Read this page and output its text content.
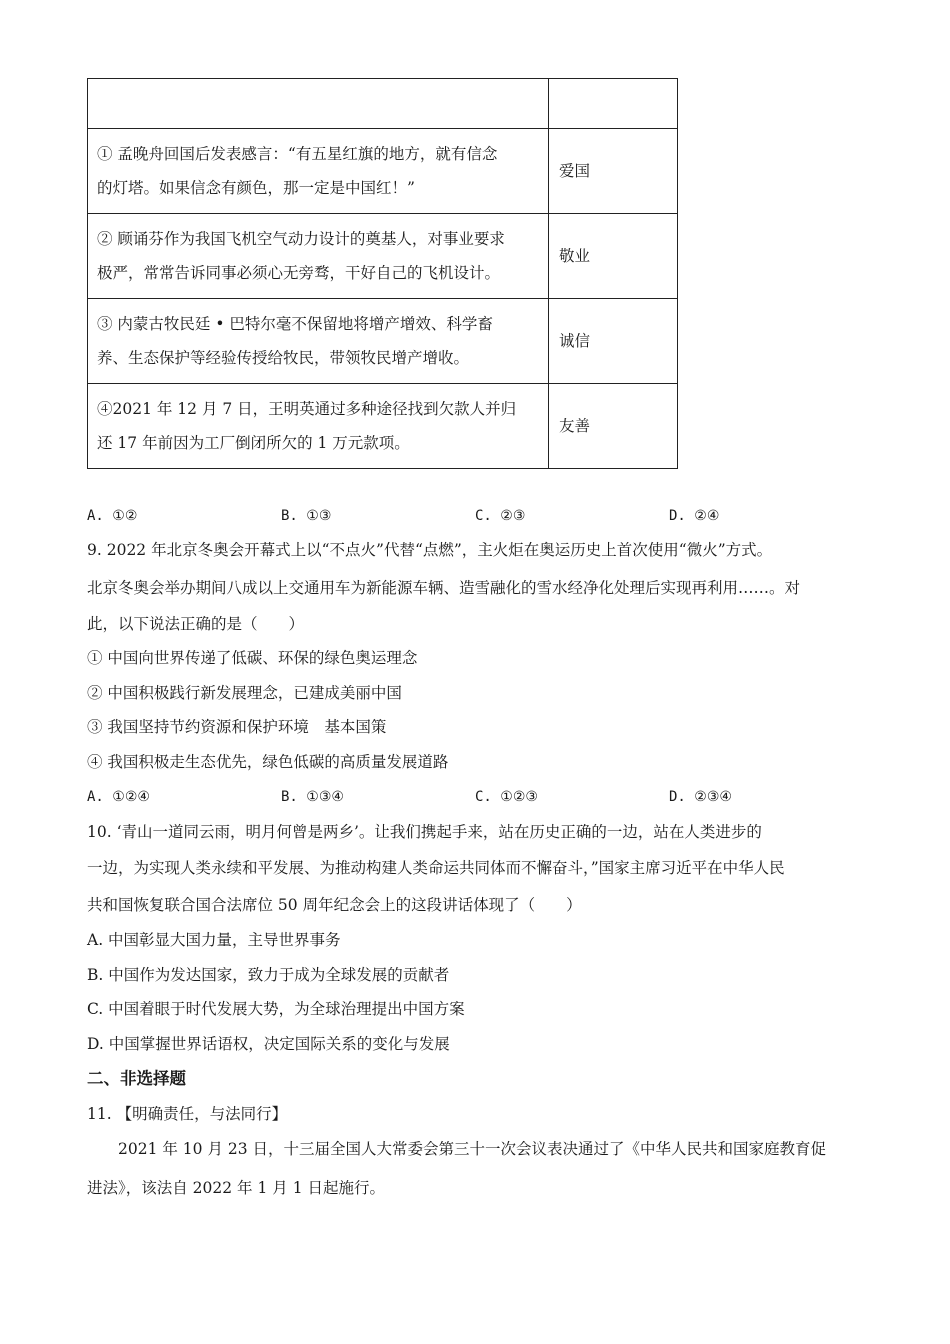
① 孟晚舟回国后发表感言：“有五星红旗的地方，就有信念
的灯塔。如果信念有颜色，那一定是中国红！”	爱国

② 顾诵芬作为我国飞机空气动力设计的奠基人，对事业要求
极严，常常告诉同事必须心无旁骛，干好自己的飞机设计。	敬业

③ 内蒙古牧民廷 • 巴特尔毫不保留地将增产增效、科学畜
养、生态保护等经验传授给牧民，带领牧民增产增收。	诚信

④2021 年 12 月 7 日，王明英通过多种途径找到欠款人并归
还 17 年前因为工厂倒闭所欠的 1 万元款项。	友善
A. ①②	B. ①③	C. ②③	D. ②④
9. 2022 年北京冬奥会开幕式上以“不点火”代替“点燃”，主火炬在奥运历史上首次使用“微火”方式。
北京冬奥会举办期间八成以上交通用车为新能源车辆、造雪融化的雪水经净化处理后实现再利用……。对
此，以下说法正确的是（　　）
① 中国向世界传递了低碳、环保的绿色奥运理念
② 中国积极践行新发展理念，已建成美丽中国
③ 我国坚持节约资源和保护环境　基本国策
④ 我国积极走生态优先，绿色低碳的高质量发展道路
A. ①②④	B. ①③④	C. ①②③	D. ②③④
10. ‘青山一道同云雨，明月何曾是两乡’。让我们携起手来，站在历史正确的一边，站在人类进步的
一边，为实现人类永续和平发展、为推动构建人类命运共同体而不懈奋斗，”国家主席习近平在中华人民
共和国恢复联合国合法席位 50 周年纪念会上的这段讲话体现了（　　）
A. 中国彰显大国力量，主导世界事务
B. 中国作为发达国家，致力于成为全球发展的贡献者
C. 中国着眼于时代发展大势，为全球治理提出中国方案
D. 中国掌握世界话语权，决定国际关系的变化与发展
二、非选择题
11. 【明确责任，与法同行】
2021 年 10 月 23 日，十三届全国人大常委会第三十一次会议表决通过了《中华人民共和国家庭教育促
进法》，该法自 2022 年 1 月 1 日起施行。
